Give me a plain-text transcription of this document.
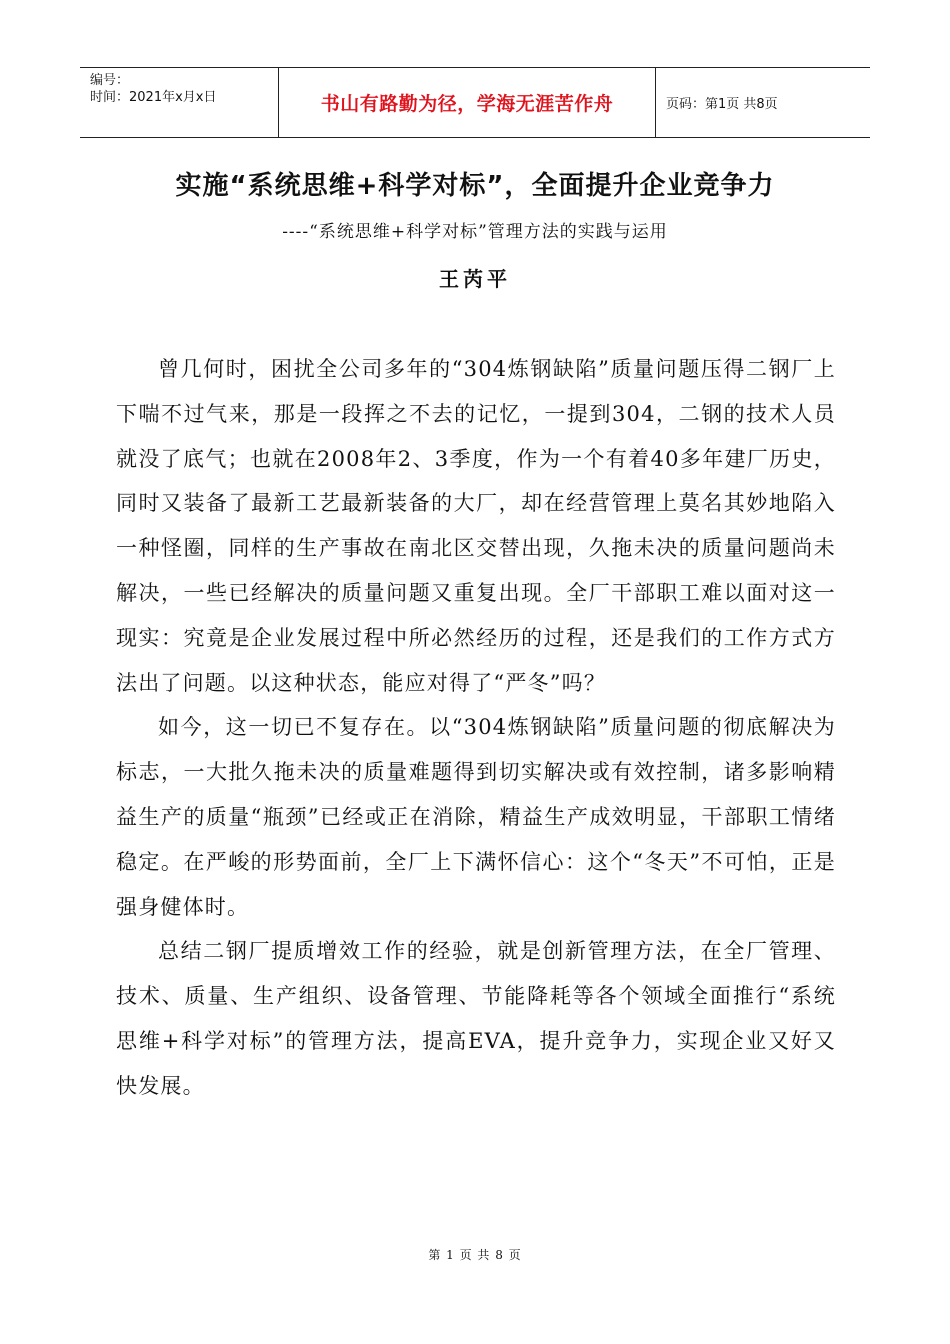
编号：
时间：2021年x月x日	书山有路勤为径，学海无涯苦作舟	页码：第1页 共8页
实施“系统思维+科学对标”，全面提升企业竞争力
----“系统思维+科学对标”管理方法的实践与运用
王芮平

曾几何时，困扰全公司多年的“304炼钢缺陷”质量问题压得二钢厂上下喘不过气来，那是一段挥之不去的记忆，一提到304，二钢的技术人员就没了底气；也就在2008年2、3季度，作为一个有着40多年建厂历史，同时又装备了最新工艺最新装备的大厂，却在经营管理上莫名其妙地陷入一种怪圈，同样的生产事故在南北区交替出现，久拖未决的质量问题尚未解决，一些已经解决的质量问题又重复出现。全厂干部职工难以面对这一现实：究竟是企业发展过程中所必然经历的过程，还是我们的工作方式方法出了问题。以这种状态，能应对得了“严冬”吗？

如今，这一切已不复存在。以“304炼钢缺陷”质量问题的彻底解决为标志，一大批久拖未决的质量难题得到切实解决或有效控制，诸多影响精益生产的质量“瓶颈”已经或正在消除，精益生产成效明显，干部职工情绪稳定。在严峻的形势面前，全厂上下满怀信心：这个“冬天”不可怕，正是强身健体时。

总结二钢厂提质增效工作的经验，就是创新管理方法，在全厂管理、技术、质量、生产组织、设备管理、节能降耗等各个领域全面推行“系统思维+科学对标”的管理方法，提高EVA，提升竞争力，实现企业又好又快发展。

第 1 页 共 8 页
